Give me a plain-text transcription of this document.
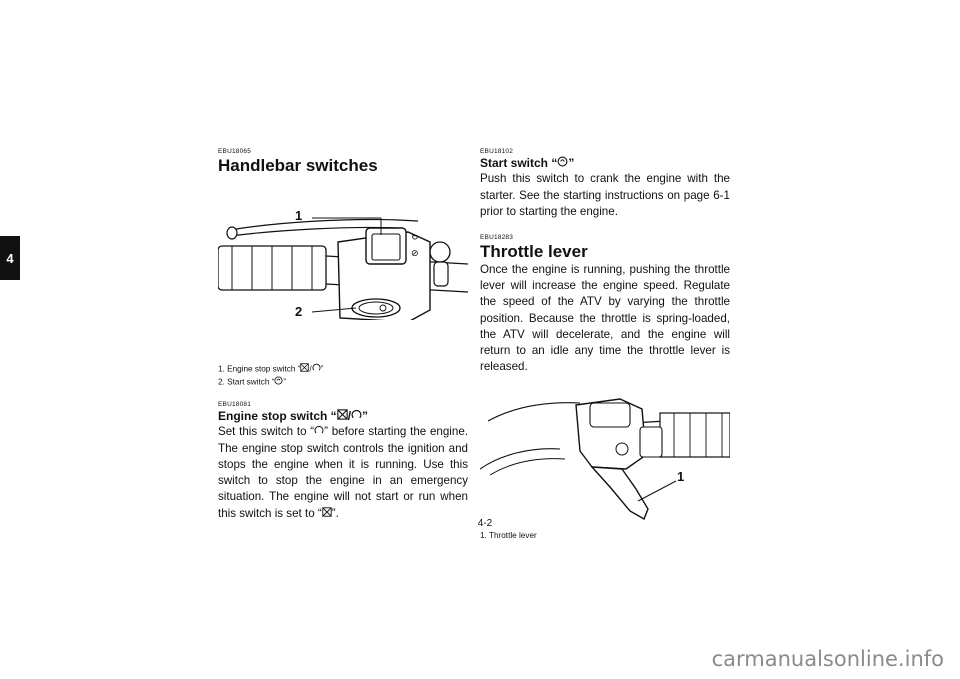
4

EBU18065

Handlebar switches
↻
⊘
1
2

1. Engine stop switch “ / ”

2. Start switch “ ”

EBU18081

Engine stop switch “ / ”

Set this switch to “ ” before starting the engine. The engine stop switch controls the ignition and stops the engine when it is running. Use this switch to stop the engine in an emergency situation. The engine will not start or run when this switch is set to “ ”.

EBU18102

Start switch “ ”

Push this switch to crank the engine with the starter. See the starting instructions on page 6-1 prior to starting the engine.

EBU18283

Throttle lever

Once the engine is running, pushing the throttle lever will increase the engine speed. Regulate the speed of the ATV by varying the throttle position. Because the throttle is spring-loaded, the ATV will decelerate, and the engine will return to an idle any time the throttle lever is released.

1

1. Throttle lever

4-2
carmanualsonline.info
